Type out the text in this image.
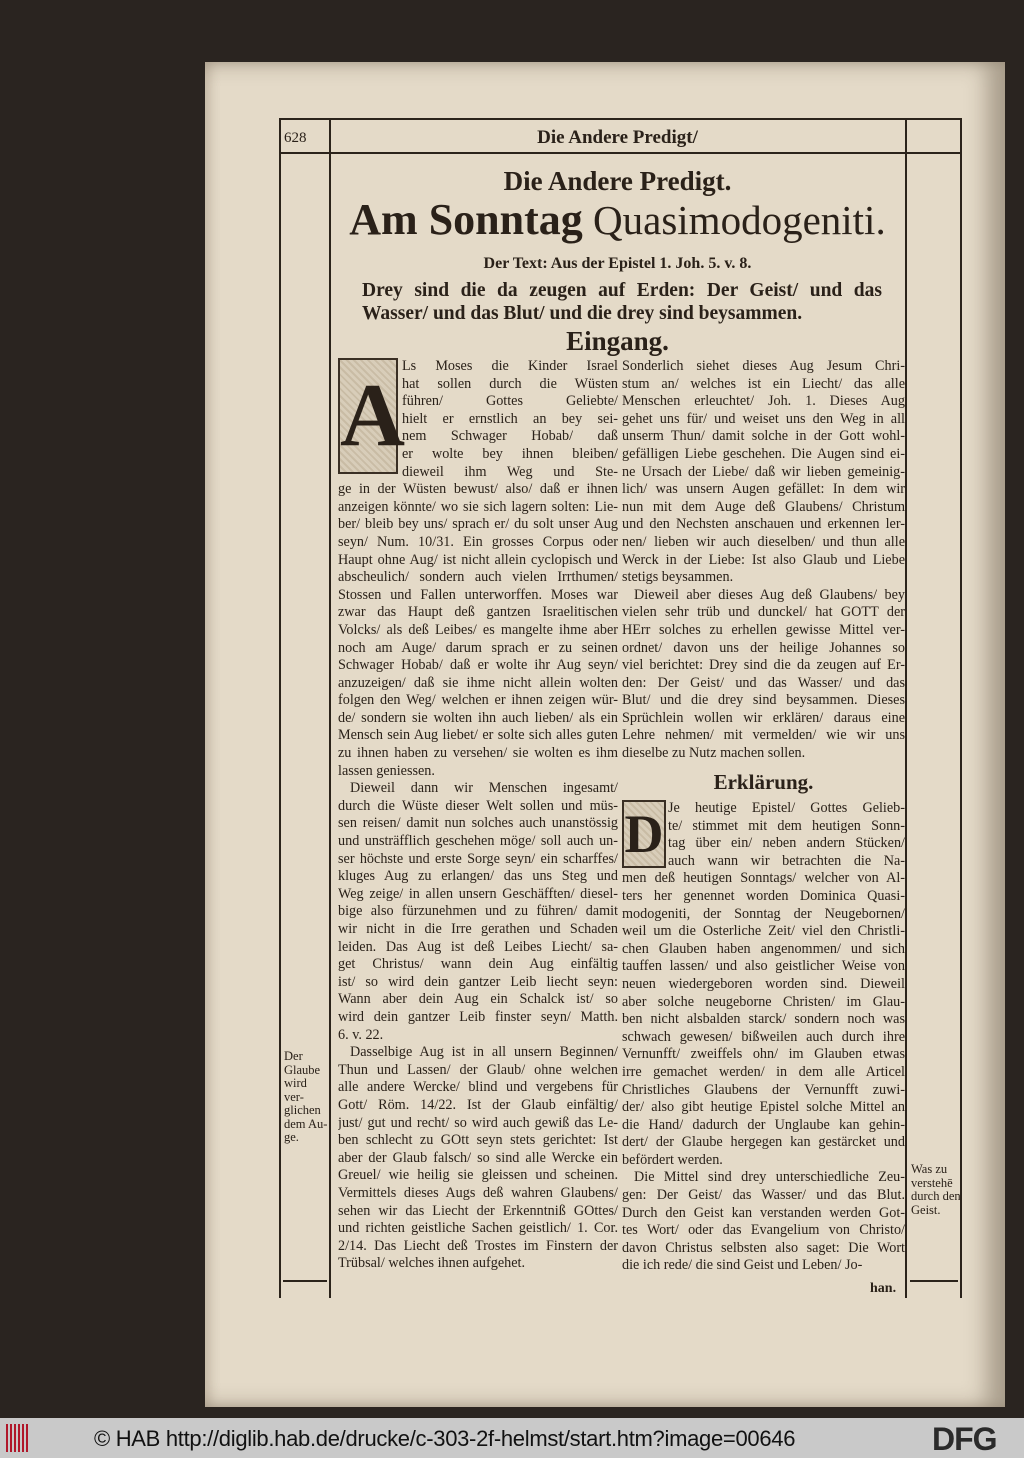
628	Die Andere Predigt/
Die Andere Predigt.
Am Sonntag Quasimodogeniti.
Der Text: Aus der Epistel 1. Joh. 5. v. 8.
Drey sind die da zeugen auf Erden: Der Geist/ und das Wasser/ und das Blut/ und die drey sind beysammen.
Eingang.
A
Ls Moses die Kinder Israel
hat sollen durch die Wüsten
führen/ Gottes Geliebte/
hielt er ernstlich an bey sei-
nem Schwager Hobab/ daß
er wolte bey ihnen bleiben/
dieweil ihm Weg und Ste-
ge in der Wüsten bewust/ also/ daß er ihnen
anzeigen könnte/ wo sie sich lagern solten: Lie-
ber/ bleib bey uns/ sprach er/ du solt unser Aug
seyn/ Num. 10/31. Ein grosses Corpus oder
Haupt ohne Aug/ ist nicht allein cyclopisch und
abscheulich/ sondern auch vielen Irrthumen/
Stossen und Fallen unterworffen. Moses war
zwar das Haupt deß gantzen Israelitischen
Volcks/ als deß Leibes/ es mangelte ihme aber
noch am Auge/ darum sprach er zu seinen
Schwager Hobab/ daß er wolte ihr Aug seyn/
anzuzeigen/ daß sie ihme nicht allein wolten
folgen den Weg/ welchen er ihnen zeigen wür-
de/ sondern sie wolten ihn auch lieben/ als ein
Mensch sein Aug liebet/ er solte sich alles guten
zu ihnen haben zu versehen/ sie wolten es ihm
lassen geniessen.
Dieweil dann wir Menschen ingesamt/
durch die Wüste dieser Welt sollen und müs-
sen reisen/ damit nun solches auch unanstössig
und unsträfflich geschehen möge/ soll auch un-
ser höchste und erste Sorge seyn/ ein scharffes/
kluges Aug zu erlangen/ das uns Steg und
Weg zeige/ in allen unsern Geschäfften/ diesel-
bige also fürzunehmen und zu führen/ damit
wir nicht in die Irre gerathen und Schaden
leiden. Das Aug ist deß Leibes Liecht/ sa-
get Christus/ wann dein Aug einfältig
ist/ so wird dein gantzer Leib liecht seyn:
Wann aber dein Aug ein Schalck ist/ so
wird dein gantzer Leib finster seyn/ Matth.
6. v. 22.
Dasselbige Aug ist in all unsern Beginnen/
Thun und Lassen/ der Glaub/ ohne welchen
alle andere Wercke/ blind und vergebens für
Gott/ Röm. 14/22. Ist der Glaub einfältig/
just/ gut und recht/ so wird auch gewiß das Le-
ben schlecht zu GOtt seyn stets gerichtet: Ist
aber der Glaub falsch/ so sind alle Wercke ein
Greuel/ wie heilig sie gleissen und scheinen.
Vermittels dieses Augs deß wahren Glaubens/
sehen wir das Liecht der Erkenntniß GOttes/
und richten geistliche Sachen geistlich/ 1. Cor.
2/14. Das Liecht deß Trostes im Finstern der
Trübsal/ welches ihnen aufgehet.
Sonderlich siehet dieses Aug Jesum Chri-
stum an/ welches ist ein Liecht/ das alle
Menschen erleuchtet/ Joh. 1. Dieses Aug
gehet uns für/ und weiset uns den Weg in all
unserm Thun/ damit solche in der Gott wohl-
gefälligen Liebe geschehen. Die Augen sind ei-
ne Ursach der Liebe/ daß wir lieben gemeinig-
lich/ was unsern Augen gefället: In dem wir
nun mit dem Auge deß Glaubens/ Christum
und den Nechsten anschauen und erkennen ler-
nen/ lieben wir auch dieselben/ und thun alle
Werck in der Liebe: Ist also Glaub und Liebe
stetigs beysammen.
Dieweil aber dieses Aug deß Glaubens/ bey
vielen sehr trüb und dunckel/ hat GOTT der
HErr solches zu erhellen gewisse Mittel ver-
ordnet/ davon uns der heilige Johannes so
viel berichtet: Drey sind die da zeugen auf Er-
den: Der Geist/ und das Wasser/ und das
Blut/ und die drey sind beysammen. Dieses
Sprüchlein wollen wir erklären/ daraus eine
Lehre nehmen/ mit vermelden/ wie wir uns
dieselbe zu Nutz machen sollen.
Erklärung.
D Je heutige Epistel/ Gottes Gelieb-
te/ stimmet mit dem heutigen Sonn-
tag über ein/ neben andern Stücken/
auch wann wir betrachten die Na-
men deß heutigen Sonntags/ welcher von Al-
ters her genennet worden Dominica Quasi-
modogeniti, der Sonntag der Neugebornen/
weil um die Osterliche Zeit/ viel den Christli-
chen Glauben haben angenommen/ und sich
tauffen lassen/ und also geistlicher Weise von
neuen wiedergeboren worden sind. Dieweil
aber solche neugeborne Christen/ im Glau-
ben nicht alsbalden starck/ sondern noch was
schwach gewesen/ bißweilen auch durch ihre
Vernunfft/ zweiffels ohn/ im Glauben etwas
irre gemachet werden/ in dem alle Articel
Christliches Glaubens der Vernunfft zuwi-
der/ also gibt heutige Epistel solche Mittel an
die Hand/ dadurch der Unglaube kan gehin-
dert/ der Glaube hergegen kan gestärcket und
befördert werden.
Die Mittel sind drey unterschiedliche Zeu-
gen: Der Geist/ das Wasser/ und das Blut.
Durch den Geist kan verstanden werden Got-
tes Wort/ oder das Evangelium von Christo/
davon Christus selbsten also saget: Die Wort
die ich rede/ die sind Geist und Leben/ Jo-
han.
Der
Glaube
wird ver-
glichen
dem Au-
ge.
Was zu
verstehē
durch den
Geist.
© HAB http://diglib.hab.de/drucke/c-303-2f-helmst/start.htm?image=00646	DFG
